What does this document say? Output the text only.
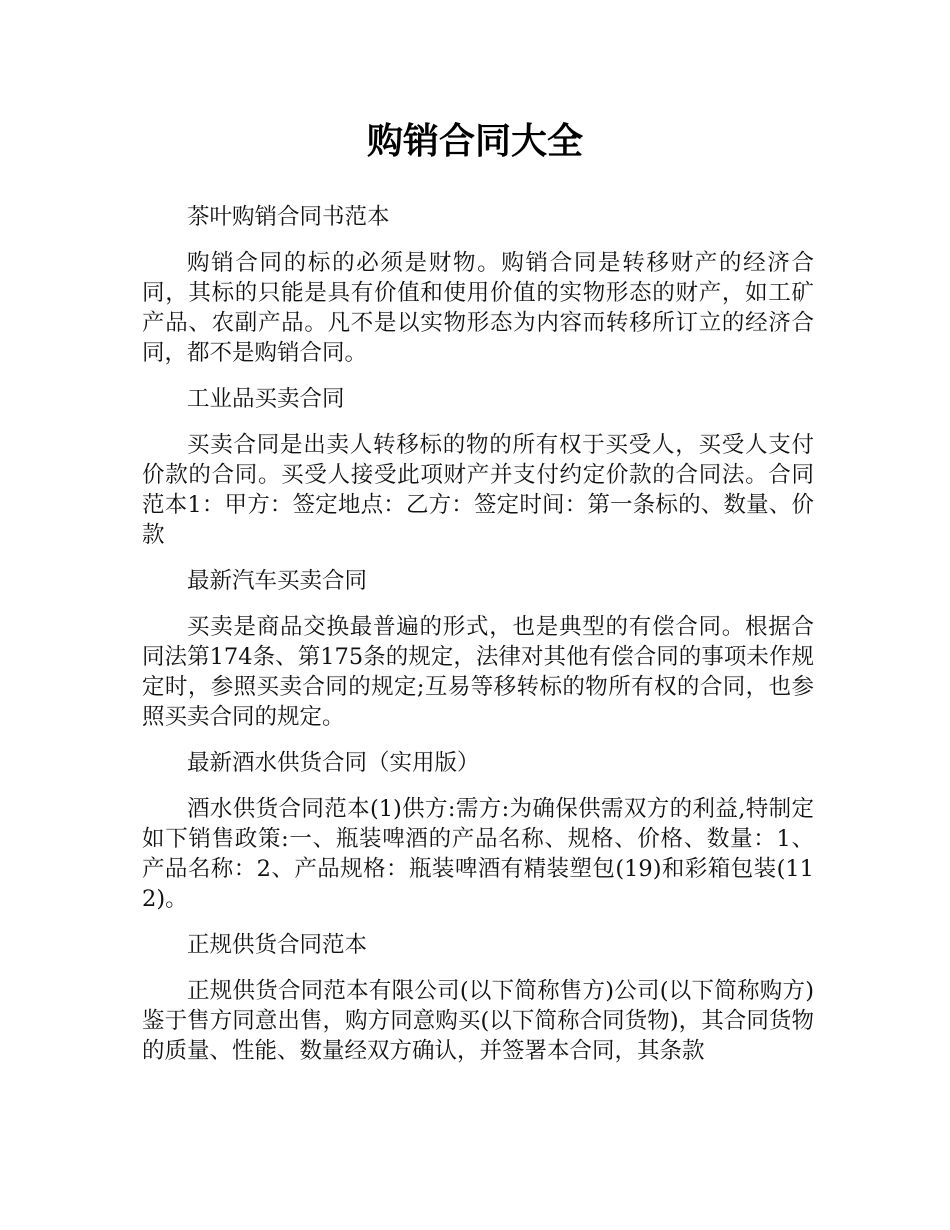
购销合同大全

茶叶购销合同书范本

购销合同的标的必须是财物。购销合同是转移财产的经济合同，其标的只能是具有价值和使用价值的实物形态的财产，如工矿产品、农副产品。凡不是以实物形态为内容而转移所订立的经济合同，都不是购销合同。

工业品买卖合同

买卖合同是出卖人转移标的物的所有权于买受人，买受人支付价款的合同。买受人接受此项财产并支付约定价款的合同法。合同范本1：甲方：签定地点：乙方：签定时间：第一条标的、数量、价款

最新汽车买卖合同

买卖是商品交换最普遍的形式，也是典型的有偿合同。根据合同法第174条、第175条的规定，法律对其他有偿合同的事项未作规定时，参照买卖合同的规定;互易等移转标的物所有权的合同，也参照买卖合同的规定。

最新酒水供货合同（实用版）

酒水供货合同范本(1)供方:需方:为确保供需双方的利益,特制定如下销售政策:一、瓶装啤酒的产品名称、规格、价格、数量：1、产品名称：2、产品规格：瓶装啤酒有精装塑包(19)和彩箱包装(112)。

正规供货合同范本

正规供货合同范本有限公司(以下简称售方)公司(以下简称购方)鉴于售方同意出售，购方同意购买(以下简称合同货物)，其合同货物的质量、性能、数量经双方确认，并签署本合同，其条款
